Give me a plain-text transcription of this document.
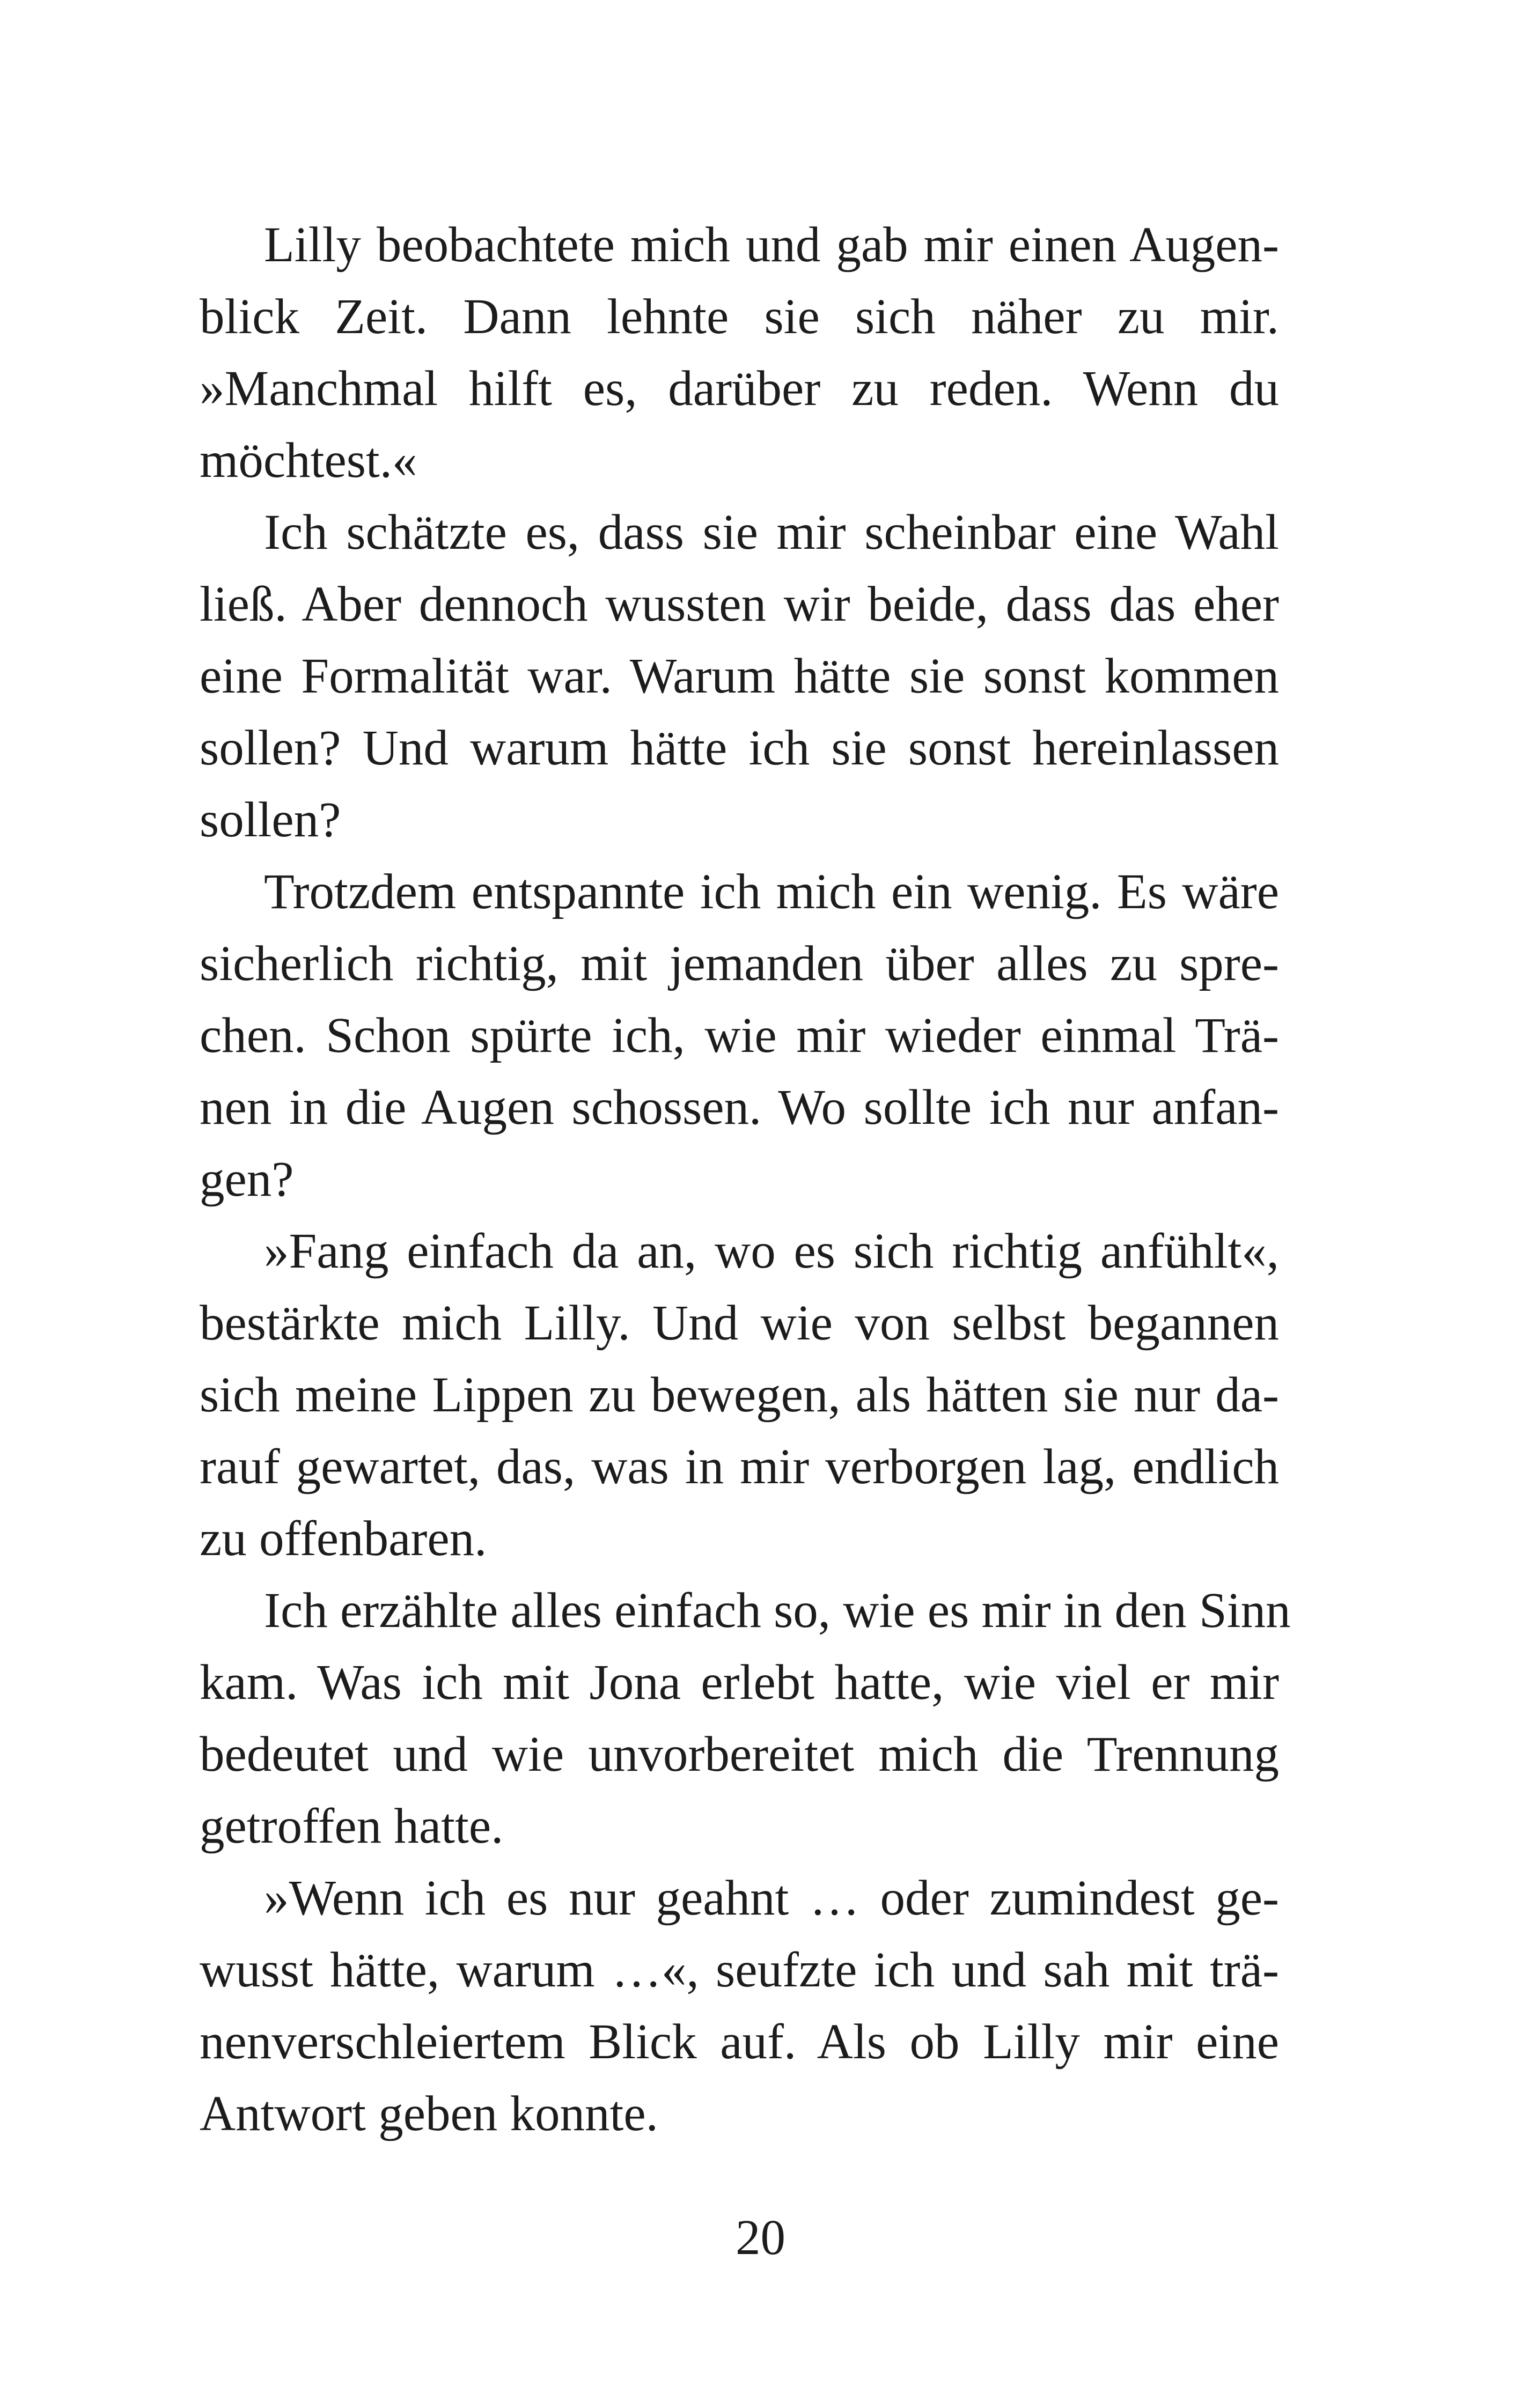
Lilly beobachtete mich und gab mir einen Augen-
blick Zeit. Dann lehnte sie sich näher zu mir.
»Manchmal hilft es, darüber zu reden. Wenn du
möchtest.«
Ich schätzte es, dass sie mir scheinbar eine Wahl
ließ. Aber dennoch wussten wir beide, dass das eher
eine Formalität war. Warum hätte sie sonst kommen
sollen? Und warum hätte ich sie sonst hereinlassen
sollen?
Trotzdem entspannte ich mich ein wenig. Es wäre
sicherlich richtig, mit jemanden über alles zu spre-
chen. Schon spürte ich, wie mir wieder einmal Trä-
nen in die Augen schossen. Wo sollte ich nur anfan-
gen?
»Fang einfach da an, wo es sich richtig anfühlt«,
bestärkte mich Lilly. Und wie von selbst begannen
sich meine Lippen zu bewegen, als hätten sie nur da-
rauf gewartet, das, was in mir verborgen lag, endlich
zu offenbaren.
Ich erzählte alles einfach so, wie es mir in den Sinn
kam. Was ich mit Jona erlebt hatte, wie viel er mir
bedeutet und wie unvorbereitet mich die Trennung
getroffen hatte.
»Wenn ich es nur geahnt … oder zumindest ge-
wusst hätte, warum …«, seufzte ich und sah mit trä-
nenverschleiertem Blick auf. Als ob Lilly mir eine
Antwort geben konnte.
20
